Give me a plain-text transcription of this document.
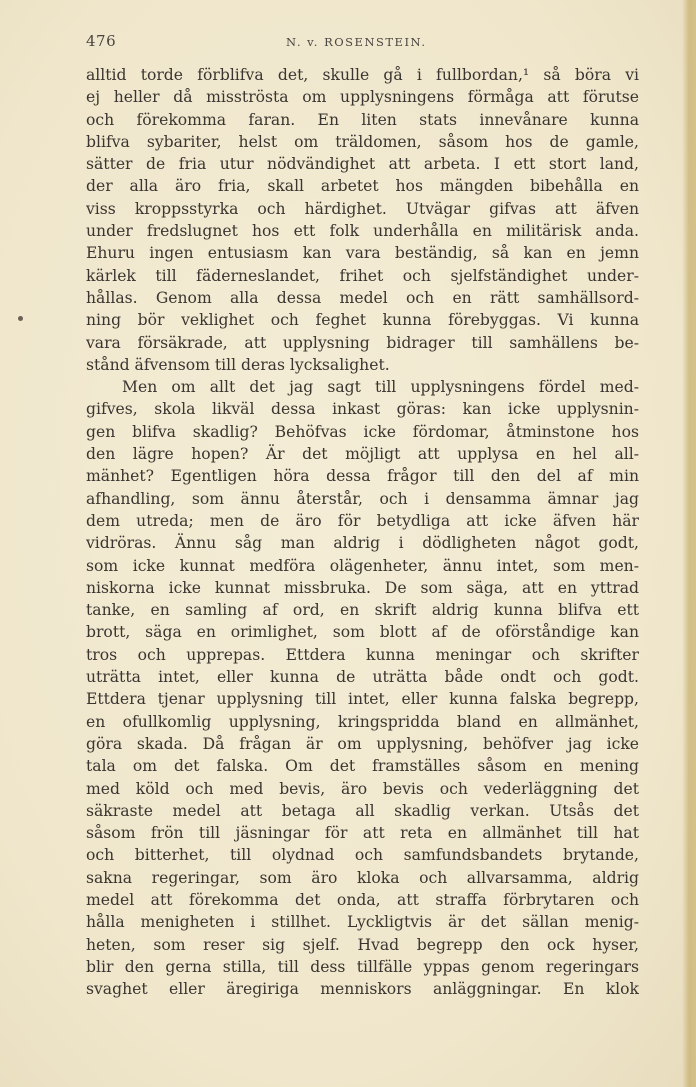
476	N. v. ROSENSTEIN.
alltid torde förblifva det, skulle gå i fullbordan,¹ så böra vi
ej heller då misströsta om upplysningens förmåga att förutse
och förekomma faran. En liten stats innevånare kunna
blifva sybariter, helst om träldomen, såsom hos de gamle,
sätter de fria utur nödvändighet att arbeta. I ett stort land,
der alla äro fria, skall arbetet hos mängden bibehålla en
viss kroppsstyrka och härdighet. Utvägar gifvas att äfven
under fredslugnet hos ett folk underhålla en militärisk anda.
Ehuru ingen entusiasm kan vara beständig, så kan en jemn
kärlek till fäderneslandet, frihet och sjelfständighet under-
hållas. Genom alla dessa medel och en rätt samhällsord-
ning bör veklighet och feghet kunna förebyggas. Vi kunna
vara försäkrade, att upplysning bidrager till samhällens be-
stånd äfvensom till deras lycksalighet.
Men om allt det jag sagt till upplysningens fördel med-
gifves, skola likväl dessa inkast göras: kan icke upplysnin-
gen blifva skadlig? Behöfvas icke fördomar, åtminstone hos
den lägre hopen? Är det möjligt att upplysa en hel all-
mänhet? Egentligen höra dessa frågor till den del af min
afhandling, som ännu återstår, och i densamma ämnar jag
dem utreda; men de äro för betydliga att icke äfven här
vidröras. Ännu såg man aldrig i dödligheten något godt,
som icke kunnat medföra olägenheter, ännu intet, som men-
niskorna icke kunnat missbruka. De som säga, att en yttrad
tanke, en samling af ord, en skrift aldrig kunna blifva ett
brott, säga en orimlighet, som blott af de oförståndige kan
tros och upprepas. Ettdera kunna meningar och skrifter
uträtta intet, eller kunna de uträtta både ondt och godt.
Ettdera tjenar upplysning till intet, eller kunna falska begrepp,
en ofullkomlig upplysning, kringspridda bland en allmänhet,
göra skada. Då frågan är om upplysning, behöfver jag icke
tala om det falska. Om det framställes såsom en mening
med köld och med bevis, äro bevis och vederläggning det
säkraste medel att betaga all skadlig verkan. Utsås det
såsom frön till jäsningar för att reta en allmänhet till hat
och bitterhet, till olydnad och samfundsbandets brytande,
sakna regeringar, som äro kloka och allvarsamma, aldrig
medel att förekomma det onda, att straffa förbrytaren och
hålla menigheten i stillhet. Lyckligtvis är det sällan menig-
heten, som reser sig sjelf. Hvad begrepp den ock hyser,
blir den gerna stilla, till dess tillfälle yppas genom regeringars
svaghet eller äregiriga menniskors anläggningar. En klok
